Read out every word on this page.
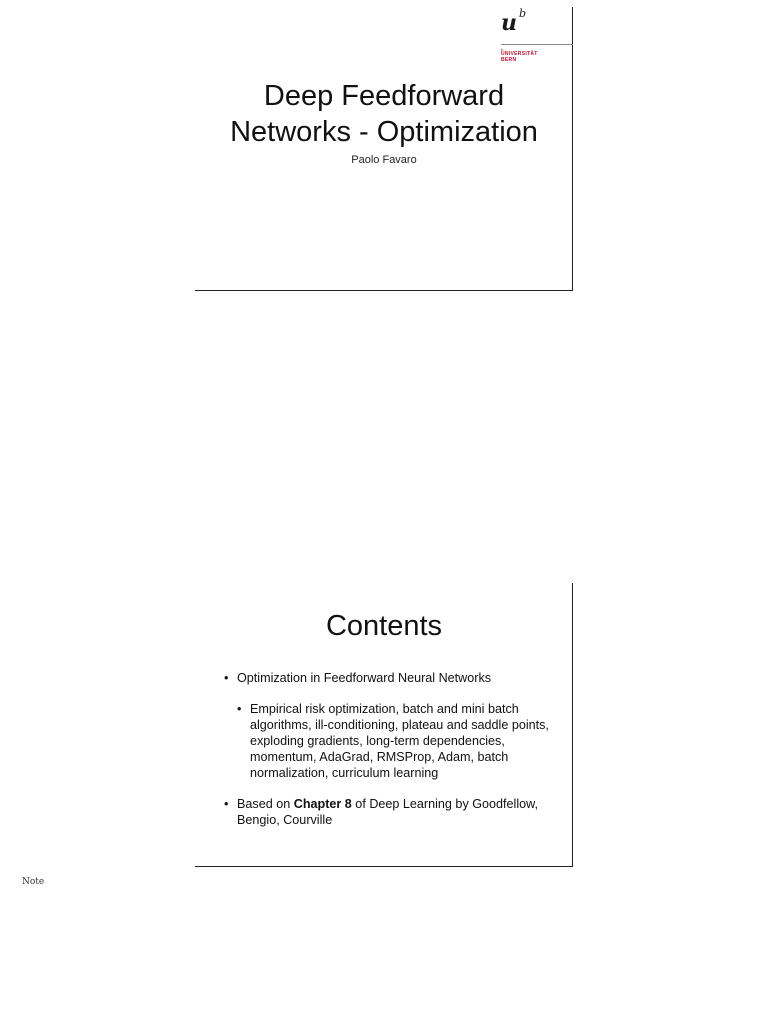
u b
b
UNIVERSITÄT
BERN
Deep Feedforward
Networks - Optimization
Paolo Favaro
Contents
• Optimization in Feedforward Neural Networks
• Empirical risk optimization, batch and mini batch algorithms, ill-conditioning, plateau and saddle points, exploding gradients, long-term dependencies, momentum, AdaGrad, RMSProp, Adam, batch normalization, curriculum learning
• Based on Chapter 8 of Deep Learning by Goodfellow, Bengio, Courville
Note
